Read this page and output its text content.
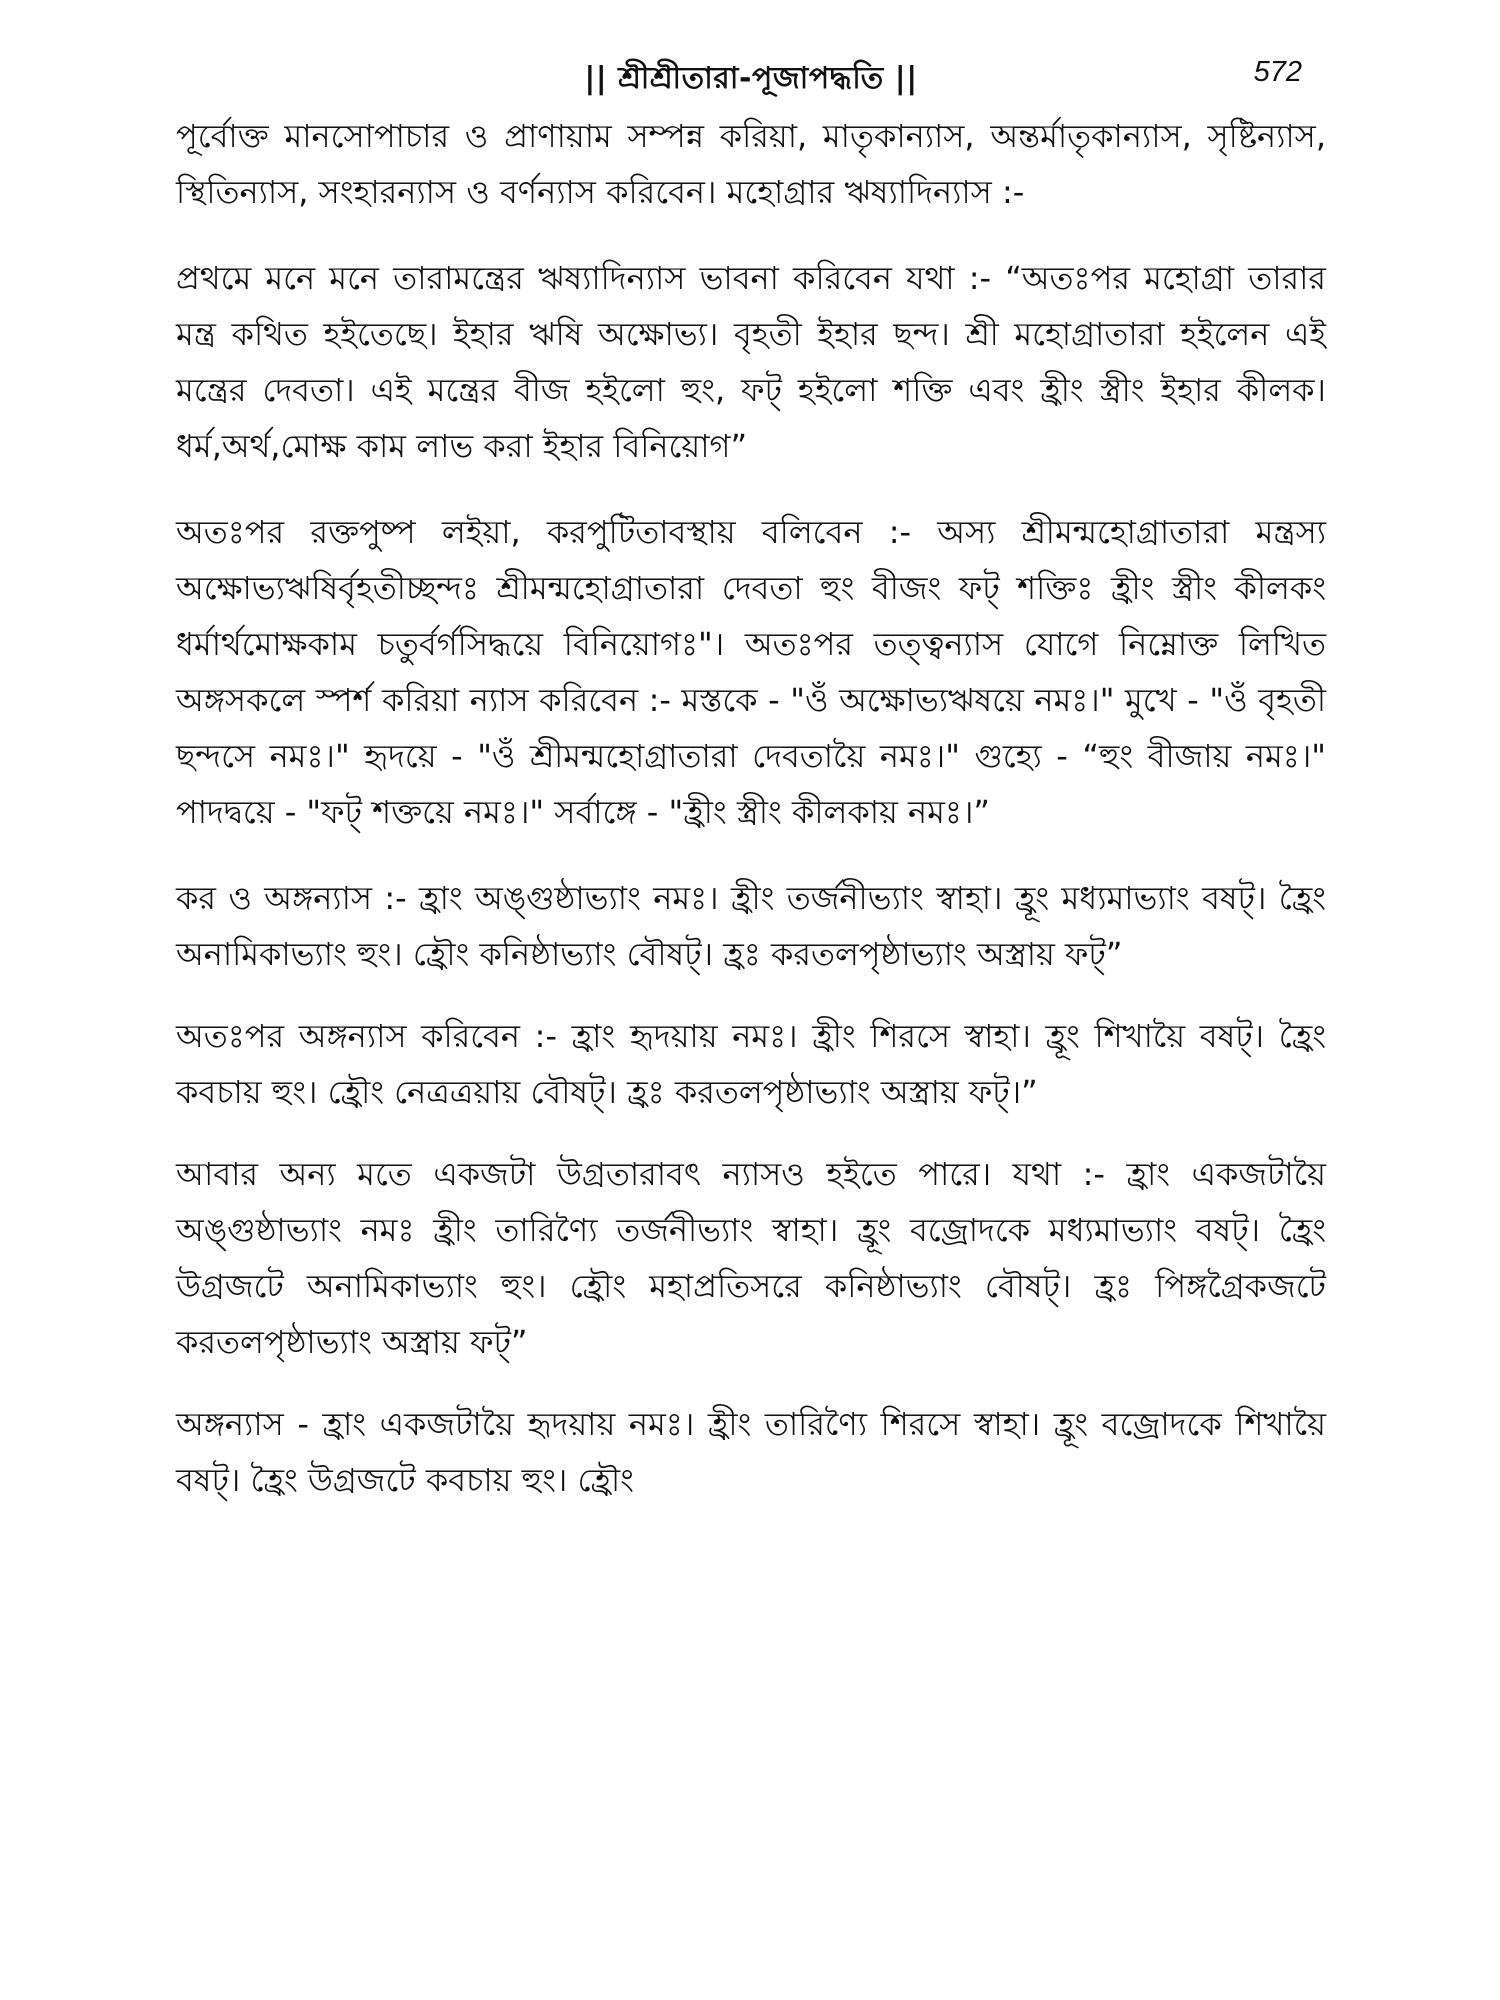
|| শ্রীশ্রীতারা-পূজাপদ্ধতি ||	572

পূর্বোক্ত মানসোপাচার ও প্রাণায়াম সম্পন্ন করিয়া, মাতৃকান্যাস, অন্তর্মাতৃকান্যাস, সৃষ্টিন্যাস, স্থিতিন্যাস, সংহারন্যাস ও বর্ণন্যাস করিবেন। মহোগ্রার ঋষ্যাদিন্যাস :-

প্রথমে মনে মনে তারামন্ত্রের ঋষ্যাদিন্যাস ভাবনা করিবেন যথা :- “অতঃপর মহোগ্রা তারার মন্ত্র কথিত হইতেছে। ইহার ঋষি অক্ষোভ্য। বৃহতী ইহার ছন্দ। শ্রী মহোগ্রাতারা হইলেন এই মন্ত্রের দেবতা। এই মন্ত্রের বীজ হইলো হুং, ফট্ হইলো শক্তি এবং হ্রীং স্ত্রীং ইহার কীলক। ধর্ম,অর্থ,মোক্ষ কাম লাভ করা ইহার বিনিয়োগ”

অতঃপর রক্তপুষ্প লইয়া, করপুটিতাবস্থায় বলিবেন :- অস্য শ্রীমন্মহোগ্রাতারা মন্ত্রস্য অক্ষোভ্যঋষির্বৃহতীচ্ছন্দঃ শ্রীমন্মহোগ্রাতারা দেবতা হুং বীজং ফট্ শক্তিঃ হ্রীং স্ত্রীং কীলকং ধর্মার্থমোক্ষকাম চতুর্বর্গসিদ্ধয়ে বিনিয়োগঃ"। অতঃপর তত্ত্বন্যাস যোগে নিম্নোক্ত লিখিত অঙ্গসকলে স্পর্শ করিয়া ন্যাস করিবেন :- মস্তকে - "ওঁ অক্ষোভ্যঋষয়ে নমঃ।" মুখে - "ওঁ বৃহতী ছন্দসে নমঃ।" হৃদয়ে - "ওঁ শ্রীমন্মহোগ্রাতারা দেবতায়ৈ নমঃ।" গুহ্যে - “হুং বীজায় নমঃ।" পাদদ্বয়ে - "ফট্ শক্তয়ে নমঃ।" সর্বাঙ্গে - "হ্রীং স্ত্রীং কীলকায় নমঃ।”

কর ও অঙ্গন্যাস :- হ্রাং অঙ্গুষ্ঠাভ্যাং নমঃ। হ্রীং তর্জনীভ্যাং স্বাহা। হ্রূং মধ্যমাভ্যাং বষট্। হ্রৈং অনামিকাভ্যাং হুং। হ্রৌং কনিষ্ঠাভ্যাং বৌষট্। হ্রঃ করতলপৃষ্ঠাভ্যাং অস্ত্রায় ফট্”

অতঃপর অঙ্গন্যাস করিবেন :- হ্রাং হৃদয়ায় নমঃ। হ্রীং শিরসে স্বাহা। হ্রূং শিখায়ৈ বষট্। হ্রৈং কবচায় হুং। হ্রৌং নেত্রত্রয়ায় বৌষট্। হ্রঃ করতলপৃষ্ঠাভ্যাং অস্ত্রায় ফট্।”

আবার অন্য মতে একজটা উগ্রতারাবৎ ন্যাসও হইতে পারে। যথা :- হ্রাং একজটায়ৈ অঙ্গুষ্ঠাভ্যাং নমঃ হ্রীং তারিণ্যৈ তর্জনীভ্যাং স্বাহা। হ্রূং বজ্রোদকে মধ্যমাভ্যাং বষট্। হ্রৈং উগ্রজটে অনামিকাভ্যাং হুং। হ্রৌং মহাপ্রতিসরে কনিষ্ঠাভ্যাং বৌষট্। হ্রঃ পিঙ্গগ্রৈকজটে করতলপৃষ্ঠাভ্যাং অস্ত্রায় ফট্”

অঙ্গন্যাস - হ্রাং একজটায়ৈ হৃদয়ায় নমঃ। হ্রীং তারিণ্যৈ শিরসে স্বাহা। হ্রূং বজ্রোদকে শিখায়ৈ বষট্। হ্রৈং উগ্রজটে কবচায় হুং। হ্রৌং
